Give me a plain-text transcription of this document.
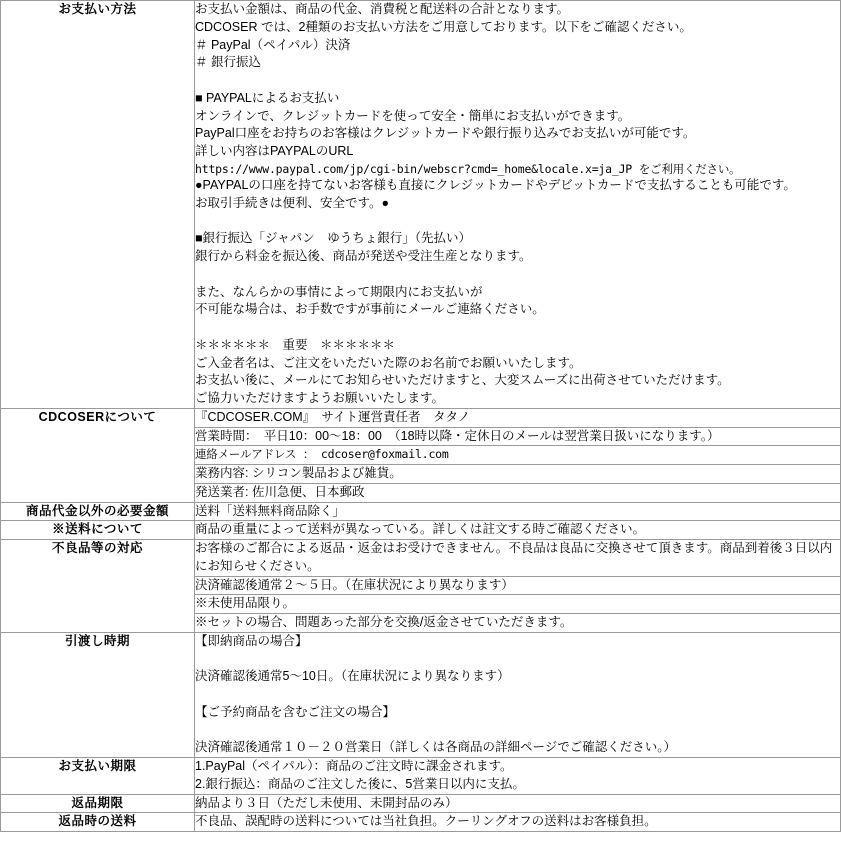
お支払い方法	お支払い金額は、商品の代金、消費税と配送料の合計となります。
CDCOSER では、2種類のお支払い方法をご用意しております。以下をご確認ください。
＃ PayPal（ペイパル）決済
＃ 銀行振込
■ PAYPALによるお支払い
オンラインで、クレジットカードを使って安全・簡単にお支払いができます。
PayPal口座をお持ちのお客様はクレジットカードや銀行振り込みでお支払いが可能です。
詳しい内容はPAYPALのURL
https://www.paypal.com/jp/cgi-bin/webscr?cmd=_home&locale.x=ja_JP をご利用ください。
●PAYPALの口座を持てないお客様も直接にクレジットカードやデビットカードで支払することも可能です。
お取引手続きは便利、安全です。●
■銀行振込「ジャパン　ゆうちょ銀行」（先払い）
銀行から料金を振込後、商品が発送や受注生産となります。
また、なんらかの事情によって期限内にお支払いが
不可能な場合は、お手数ですが事前にメールご連絡ください。
＊＊＊＊＊＊　重要　＊＊＊＊＊＊
ご入金者名は、ご注文をいただいた際のお名前でお願いいたします。
お支払い後に、メールにてお知らせいただけますと、大変スムーズに出荷させていただけます。
ご協力いただけますようお願いいたします。

CDCOSERについて		『CDCOSER.COM』　サイト運営責任者　タタノ
営業時間：　平日10：00～18：00　（18時以降・定休日のメールは翌営業日扱いになります。）
連絡メールアドレス ： cdcoser@foxmail.com
業務内容: シリコン製品および雑貨。
発送業者: 佐川急便、日本郵政

商品代金以外の必要金額	送料「送料無料商品除く」
※送料について	商品の重量によって送料が異なっている。詳しくは註文する時ご確認ください。
不良品等の対応		お客様のご都合による返品・返金はお受けできません。不良品は良品に交換させて頂きます。商品到着後３日以内にお知らせください。
決済確認後通常２～５日。（在庫状況により異なります）
※未使用品限り。
※セットの場合、問題あった部分を交換/返金させていただきます。

引渡し時期	【即納商品の場合】
決済確認後通常5～10日。（在庫状況により異なります）
【ご予約商品を含むご注文の場合】
決済確認後通常１０－２０営業日（詳しくは各商品の詳細ページでご確認ください。）

お支払い期限	1.PayPal（ペイパル）：商品のご注文時に課金されます。
2.銀行振込：商品のご注文した後に、5営業日以内に支払。

返品期限	納品より３日（ただし未使用、未開封品のみ）
返品時の送料	不良品、誤配時の送料については当社負担。クーリングオフの送料はお客様負担。
